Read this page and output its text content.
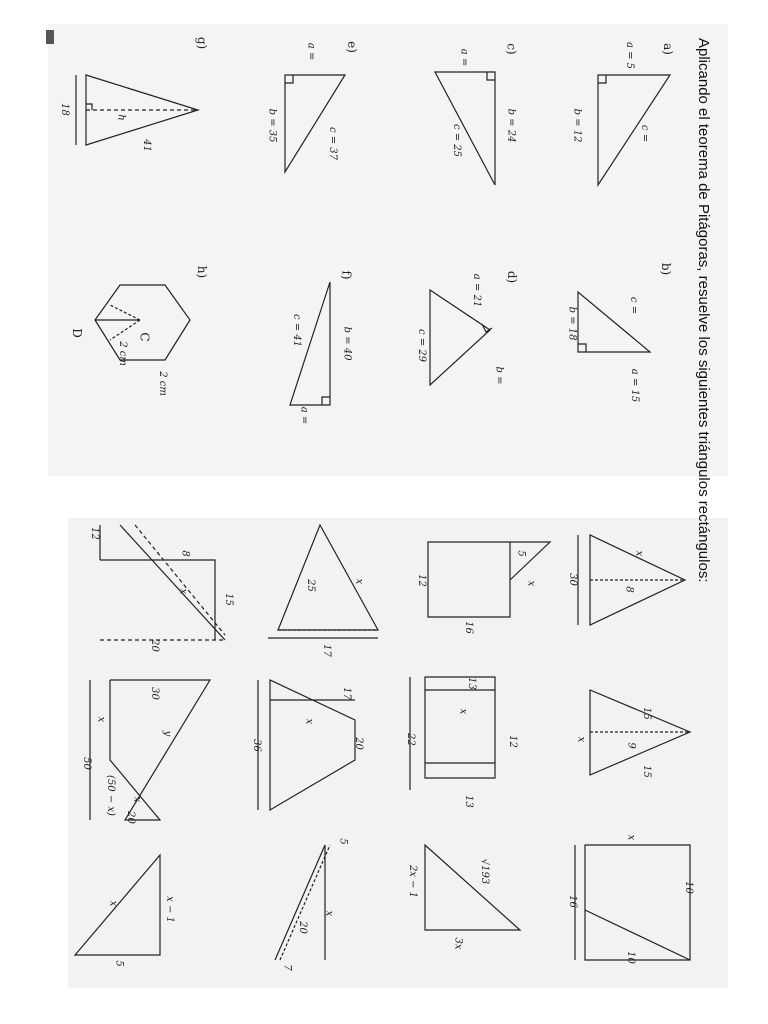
Aplicando el teorema de Pitágoras, resuelve los siguientes triángulos rectángulos:
a)
a = 5
b = 12	c =
b)
c =
b = 18
a = 15
c)
a =
b = 24
c = 25
d)
a = 21
c = 29
b =
e)
a =
c = 37
b = 35
f)
b = 40
c = 41
a =
g)
18
h
41
h)
C
D
2 cm
2 cm
x
8
30
15
9
15
x
10
16
10
x
5
x
12
16
13
x
12
22
13
√193
2x − 1
3x
x
25
17
17
x
20
36
5
x
20
7
12
8
15
x
20
30
x
y
(50 − x)
20
x
50
x − 1
x
5
